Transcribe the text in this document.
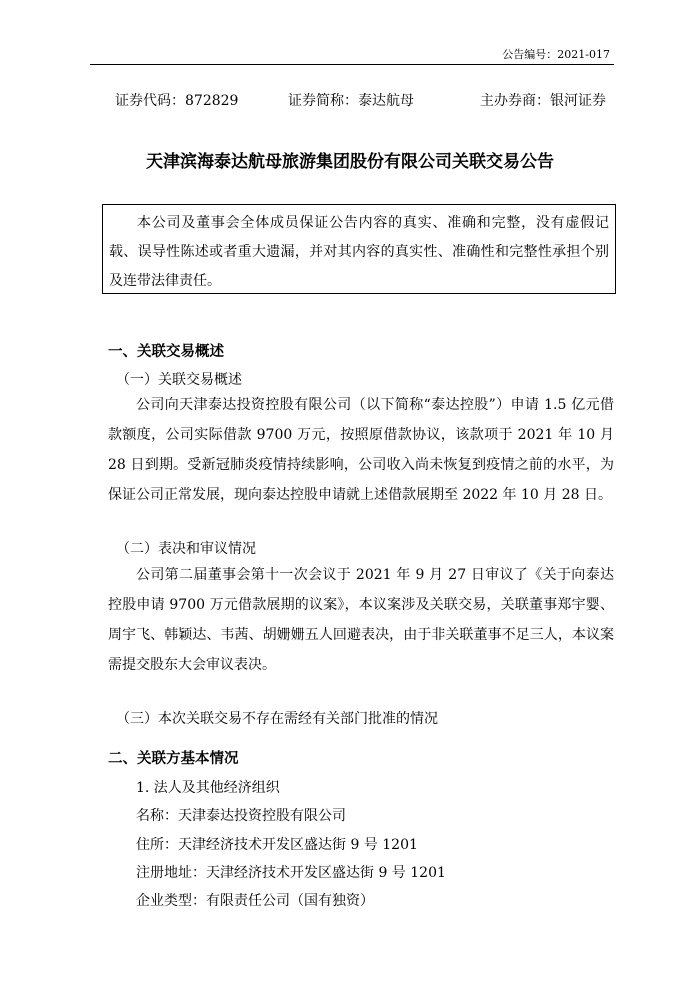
公告编号：2021-017
证券代码：872829	证券简称：泰达航母	主办券商：银河证券
天津滨海泰达航母旅游集团股份有限公司关联交易公告
本公司及董事会全体成员保证公告内容的真实、准确和完整，没有虚假记载、误导性陈述或者重大遗漏，并对其内容的真实性、准确性和完整性承担个别及连带法律责任。
一、关联交易概述
（一）关联交易概述
公司向天津泰达投资控股有限公司（以下简称“泰达控股”）申请 1.5 亿元借款额度，公司实际借款 9700 万元，按照原借款协议，该款项于 2021 年 10 月 28 日到期。受新冠肺炎疫情持续影响，公司收入尚未恢复到疫情之前的水平，为保证公司正常发展，现向泰达控股申请就上述借款展期至 2022 年 10 月 28 日。
（二）表决和审议情况
公司第二届董事会第十一次会议于 2021 年 9 月 27 日审议了《关于向泰达控股申请 9700 万元借款展期的议案》，本议案涉及关联交易，关联董事郑宇婴、周宇飞、韩颖达、韦茜、胡姗姗五人回避表决，由于非关联董事不足三人，本议案需提交股东大会审议表决。
（三）本次关联交易不存在需经有关部门批准的情况
二、关联方基本情况
1. 法人及其他经济组织
名称：天津泰达投资控股有限公司
住所：天津经济技术开发区盛达街 9 号 1201
注册地址：天津经济技术开发区盛达街 9 号 1201
企业类型：有限责任公司（国有独资）
